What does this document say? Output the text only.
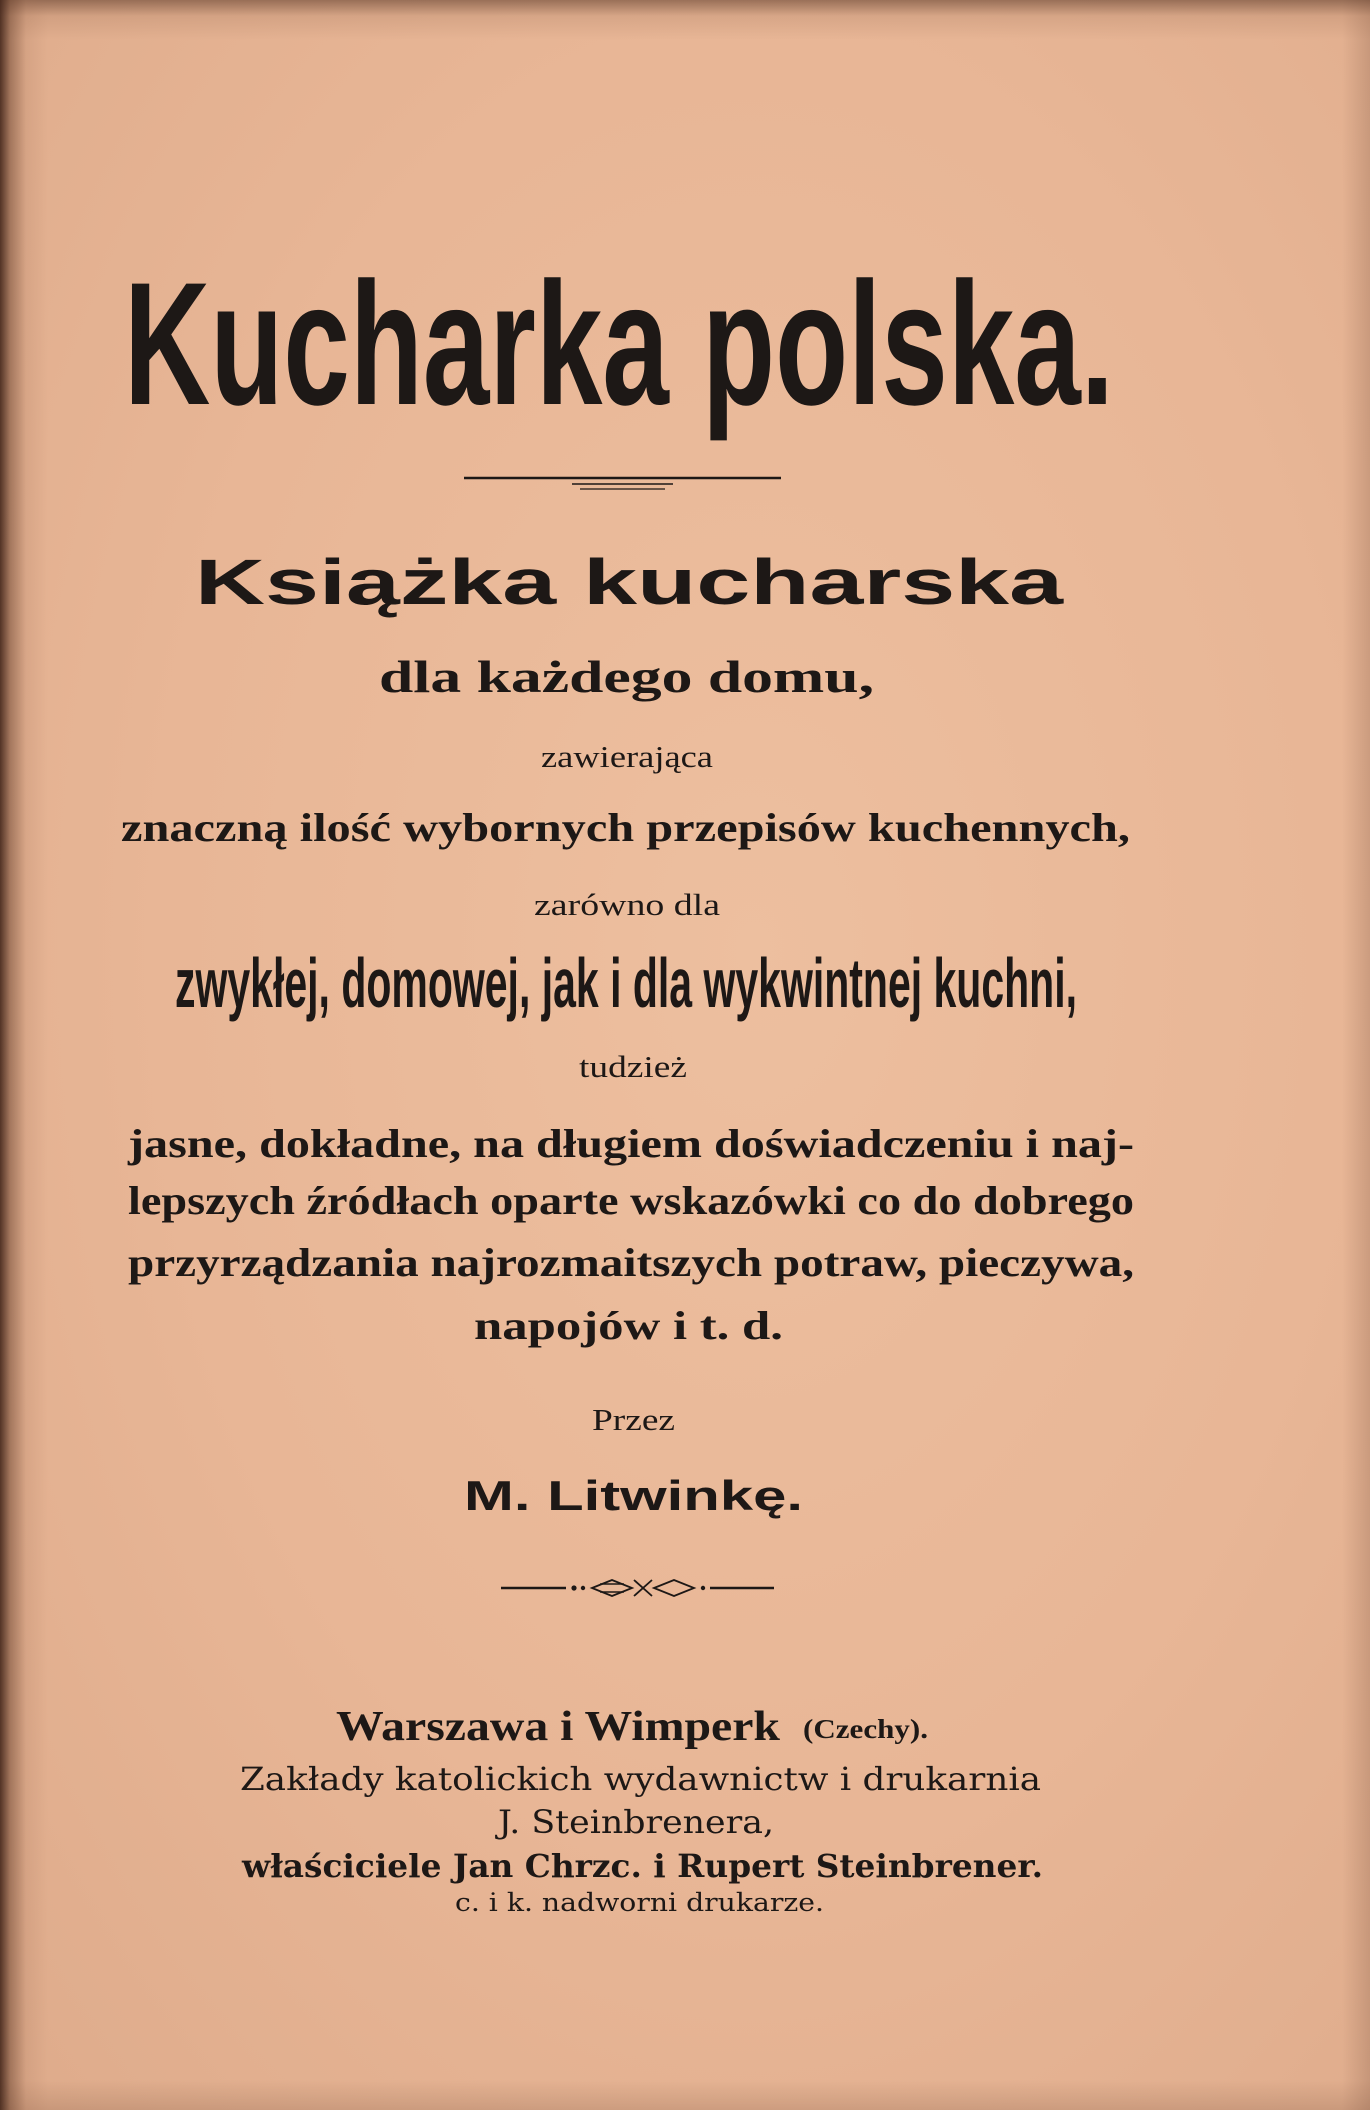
Kucharka polska.
Książka kucharska
dla każdego domu,
zawierająca
znaczną ilość wybornych przepisów kuchennych,
zarówno dla
zwykłej, domowej, jak i dla wykwintnej kuchni,
tudzież
jasne, dokładne, na długiem doświadczeniu i naj-
lepszych źródłach oparte wskazówki co do dobrego
przyrządzania najrozmaitszych potraw, pieczywa,
napojów i t. d.
Przez
M. Litwinkę.
Warszawa i Wimperk (Czechy).
Zakłady katolickich wydawnictw i drukarnia
J. Steinbrenera,
właściciele Jan Chrzc. i Rupert Steinbrener.
c. i k. nadworni drukarze.
